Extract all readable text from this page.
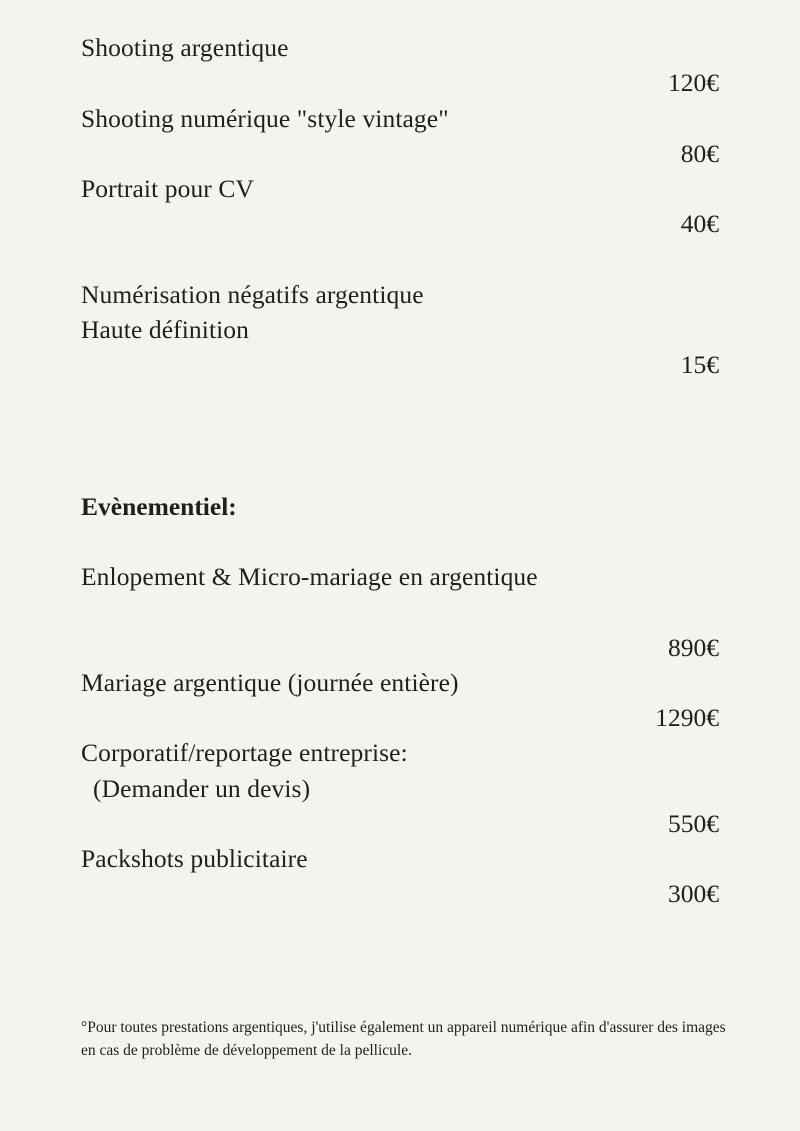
Shooting argentique
120€
Shooting numérique "style vintage"
80€
Portrait pour CV
40€
Numérisation négatifs argentique
Haute définition
15€
Evènementiel:
Enlopement & Micro-mariage en argentique
890€
Mariage argentique (journée entière)
1290€
Corporatif/reportage entreprise:
(Demander un devis)
550€
Packshots publicitaire
300€
°Pour toutes prestations argentiques, j'utilise également un appareil numérique afin d'assurer des images en cas de problème de développement de la pellicule.
